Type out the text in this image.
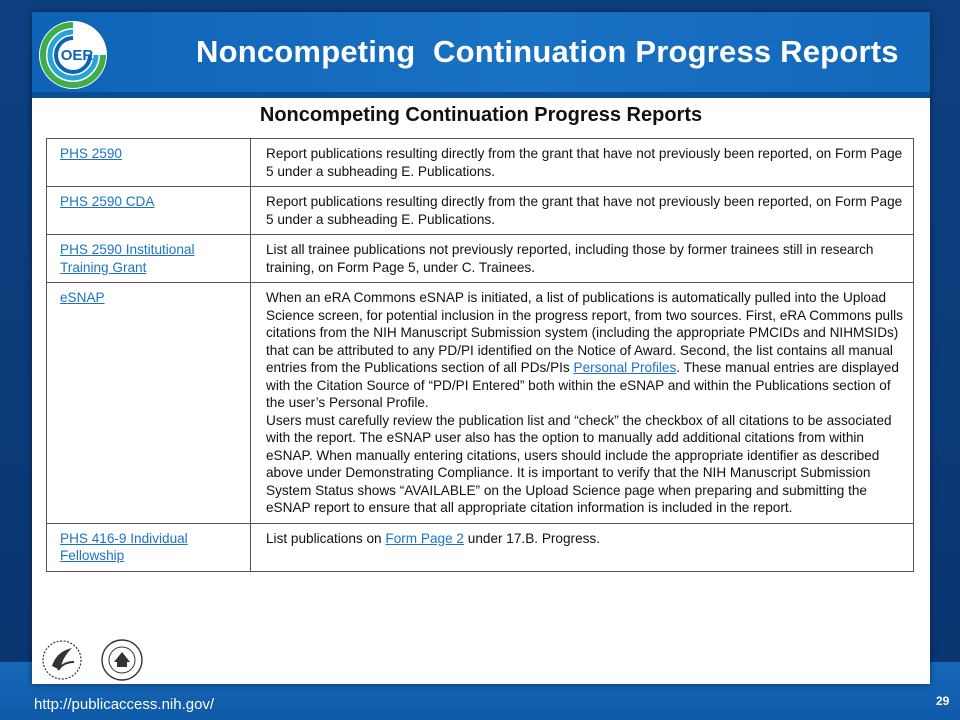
OER	Noncompeting  Continuation Progress Reports
Noncompeting Continuation Progress Reports
PHS 2590	Report publications resulting directly from the grant that have not previously been reported, on Form Page 5 under a subheading E. Publications.
PHS 2590 CDA	Report publications resulting directly from the grant that have not previously been reported, on Form Page 5 under a subheading E. Publications.
PHS 2590 Institutional Training Grant	List all trainee publications not previously reported, including those by former trainees still in research training, on Form Page 5, under C. Trainees.
eSNAP	When an eRA Commons eSNAP is initiated, a list of publications is automatically pulled into the Upload Science screen, for potential inclusion in the progress report, from two sources. First, eRA Commons pulls citations from the NIH Manuscript Submission system (including the appropriate PMCIDs and NIHMSIDs) that can be attributed to any PD/PI identified on the Notice of Award. Second, the list contains all manual entries from the Publications section of all PDs/PIs Personal Profiles. These manual entries are displayed with the Citation Source of “PD/PI Entered” both within the eSNAP and within the Publications section of the user’s Personal Profile.
Users must carefully review the publication list and “check” the checkbox of all citations to be associated with the report. The eSNAP user also has the option to manually add additional citations from within eSNAP. When manually entering citations, users should include the appropriate identifier as described above under Demonstrating Compliance. It is important to verify that the NIH Manuscript Submission System Status shows “AVAILABLE” on the Upload Science page when preparing and submitting the eSNAP report to ensure that all appropriate citation information is included in the report.
PHS 416-9 Individual Fellowship	List publications on Form Page 2 under 17.B. Progress.
http://publicaccess.nih.gov/	29
